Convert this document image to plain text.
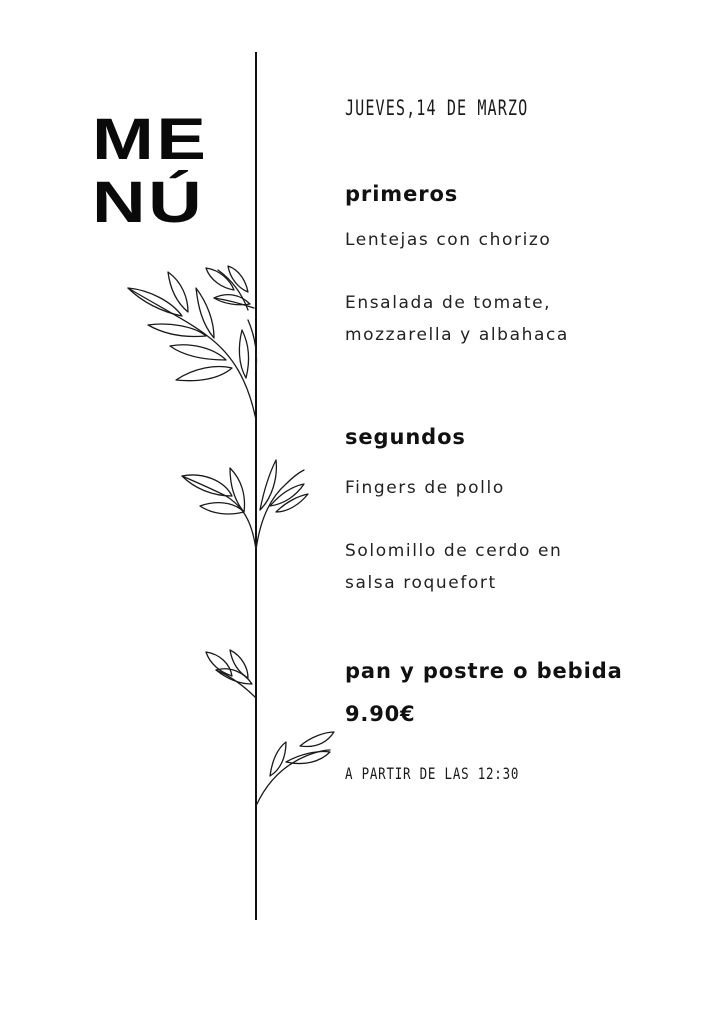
ME
NÚ

JUEVES,14 DE MARZO

primeros

Lentejas con chorizo

Ensalada de tomate,

mozzarella y albahaca

segundos

Fingers de pollo

Solomillo de cerdo en

salsa roquefort

pan y postre o bebida

9.90€

A PARTIR DE LAS 12:30
